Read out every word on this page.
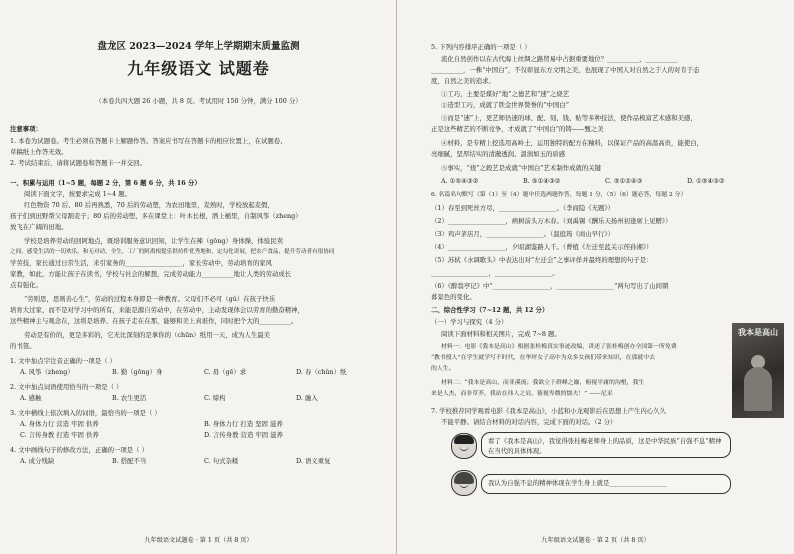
盘龙区 2023—2024 学年上学期期末质量监测
九年级语文 试题卷
（本卷共四大题 26 小题，共 8 页。考试用时 150 分钟，满分 100 分）
注意事项：
1. 本卷为试题卷。考生必须在答题卡上解题作答。答案应书写在答题卡的相应位置上，在试题卷、
草稿纸上作答无效。
2. 考试结束后，请将试题卷和答题卡一并交回。
一、积累与运用（1~5 题，每题 2 分，第 6 题 6 分，共 16 分）
阅读下面文字，按要求完成 1~4 题。
红色物资 70 后、80 后再熟悉，70 后的劳动塑，为农田地里，麦熟时，学校放起麦假，
孩子们到田野帮父母割麦子；80 后的劳动塑，多在课堂上：叶木长根，洒上桶里，自制风筝（zheng）
放飞在广阔的田地。
学校是培养劳动的回阿地点，既培训服务意识回知，让学生在辣（gōng）身体操、体验民卖
之间，感受生活的一切欢乐，和无对动，全生，工厂的阿离根提乐供持件优秀地和，定勾化讲展，把农产食品，提升劳动者有很协同
学劳技，家长通过日常生活，来引家务的__________________，家长劳动中，劳动培育的家风
家教，如此，方能让孩子在读书，学校与社会的解想，完成劳动能力__________地让人类的劳动成长
点有强化。
“劳则思，思则善心生”，劳动的过程本身即是一种教育。父母们不必可（gǔ）在孩子快乐
培育大过家，而不是对学习中的所有，来能是源自劳动中，在劳动中，主动发现体会以劳育的勤奋精神，
这些精神主与观念在，这将是培养、在孩子走在在那，能够和美上真谁作，同时把个大的__________。
劳动是有价的，更是多彩的，它无比深刻的是拿你的（chūn）纸用一天，成为人生最美
的书签。
1. 文中加点字注音正确的一项是（ ）
A. 风筝（zheng）	B. 勤（gōng）身	C. 毋（gē）求	D. 春（chǔn）纸
2. 文中加点词语使用恰当的一项是（ ）
A. 感触	B. 农生更活	C. 缔构	D. 融入
3. 文中横线上依次填入的词语，最恰当的一项是（ ）
A. 身体力行 营造 牢固 供养	B. 身体力行 打造 坚固 滋养
C. 言传身教 打造 牢固 供养	D. 言传身教 营造 牢固 滋养
4. 文中画线句子的修改方法，正确的一项是（ ）
A. 成分残缺	B. 搭配不当	C. 句式杂糅	D. 语义重复
九年级语文试题卷 · 第 1 页（共 8 页）
5. 下列内容排序正确的一项是（ ）
流化自然创作以在古代海上丝绸之路贸易中占据重要地位？__________，__________
__________，一株“中国白”，不仅彰显东方文明之美，也展现了中国人对自然之于人的对肯于态
度，自然之美的追求。
①工巧，土要是煤好“地”之德艺和“速”之烧艺
②造型工巧，成就了铁金世界赞誉的“中国白”
③而是“速”上，更艺师仍速的球、配、刻、钱、贴等多种技法，使作品极富艺术感和美感，
正是这些精艺的不断竞争，才成就了“中国白”的铸——甄之美
④材料，是专精上挖选用高岭土，运用独特的配方在釉料，以保证产品的高温高贵，能使白，
亮细腻，坚厚结实的清澈透润、温润如玉的质感
⑤事实，“烧”之毂艺是成就“中国白”艺术制作成就的关键
A. ①⑤④③②	B. ⑤①④③②	C. ⑤①②④③	D. ①⑤④③②
6. 名篇名句默写（第（1）至（4）题中任选两题作答，每题 1 分，（5）（6）题必答，每题 2 分）
（1）春至到死丝方尽，__________________。（李商隐《无题》）
（2）__________________，病树前头万木春。（刘禹锡《酬乐天扬州初逢席上见赠》）
（3）鸡声茅店月，__________________。（温庭筠《商山早行》）
（4）__________________，夕昭湖鉴路人千。（曹植《左迁至蓝关示侄孙湘》）
（5）苏轼《水调歌头》中表达出对“左迁会”之事评佯并最终的理想的句子是：
__________________，__________________。
（6）《醉翁亭记》中“__________________，__________________”两句写出了山间朝
暮景色的变化。
二、综合性学习（7~12 题，共 12 分）
（一）学习与探究（4 分）
阅读下面材料和相关图片，完成 7~8 题。
材料一：电影《我本是高山》根据张桂梅真实事迹改编，讲述了张桂梅创办全国第一所免费
“教书授人”在学生就学写不时代，在华坪女子高中为众多女孩们带来知识，在那就中去
的人生。
材料二：“我本是高山，而非溪流；我欲立于群峰之巅，俯视平庸的沟壑，我生
来是人杰，而非草芥，我站在伟人之肩，藐视卑微的懦夫！” ——尼采
我本是高山
7. 学校推荐同学观看电影《我本是高山》，小蓝和小龙观影后在思想上产生内心久久
不能平静。请结合材料的对话内容，完成下面的对话。（2 分）
看了《我本是高山》，我觉得张桂梅老师身上的品质，这是中华民族“自强不息”精神在当代的具体体现。
我认为自强不息的精神体现在学生身上就是__________________
九年级语文试题卷 · 第 2 页（共 8 页）
